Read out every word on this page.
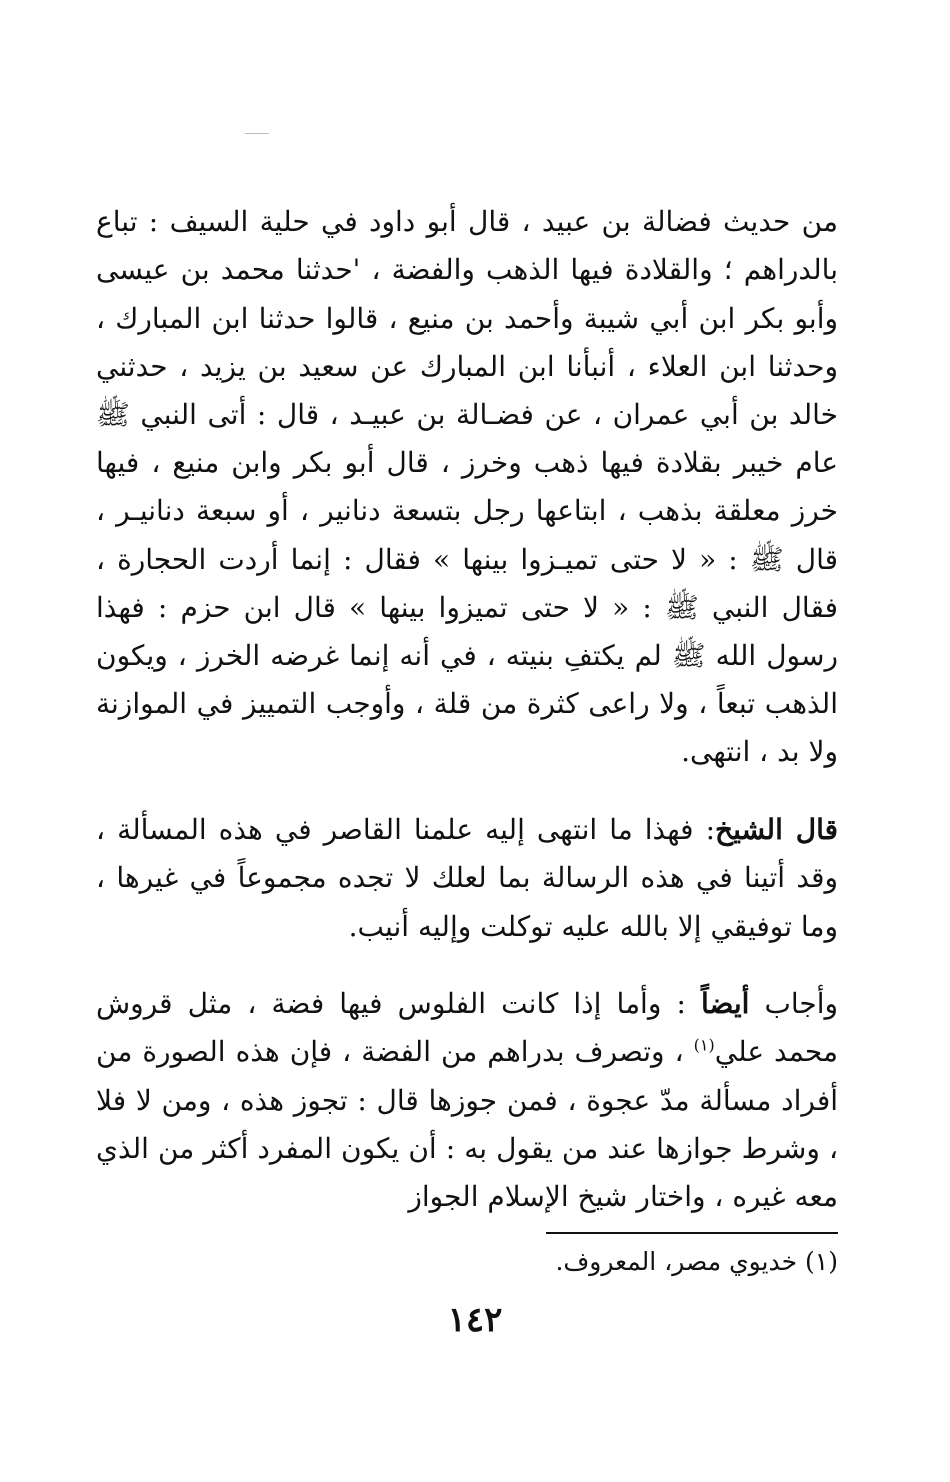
من حديث فضالة بن عبيد ، قال أبو داود في حلية السيف : تباع بالدراهم ؛ والقلادة فيها الذهب والفضة ، 'حدثنا محمد بن عيسى وأبو بكر ابن أبي شيبة وأحمد بن منيع ، قالوا حدثنا ابن المبارك ، وحدثنا ابن العلاء ، أنبأنا ابن المبارك عن سعيد بن يزيد ، حدثني خالد بن أبي عمران ، عن فضـالة بن عبيـد ، قال : أتى النبي ﷺ عام خيبر بقلادة فيها ذهب وخرز ، قال أبو بكر وابن منيع ، فيها خرز معلقة بذهب ، ابتاعها رجل بتسعة دنانير ، أو سبعة دنانيـر ، قال ﷺ : « لا حتى تميـزوا بينها » فقال : إنما أردت الحجارة ، فقال النبي ﷺ : « لا حتى تميزوا بينها » قال ابن حزم : فهذا رسول الله ﷺ لم يكتفِ بنيته ، في أنه إنما غرضه الخرز ، ويكون الذهب تبعاً ، ولا راعى كثرة من قلة ، وأوجب التمييز في الموازنة ولا بد ، انتهى.

قال الشيخ: فهذا ما انتهى إليه علمنا القاصر في هذه المسألة ، وقد أتينا في هذه الرسالة بما لعلك لا تجده مجموعاً في غيرها ، وما توفيقي إلا بالله عليه توكلت وإليه أنيب.

وأجاب أيضاً : وأما إذا كانت الفلوس فيها فضة ، مثل قروش محمد علي$^{(١)}$ ، وتصرف بدراهم من الفضة ، فإن هذه الصورة من أفراد مسألة مدّ عجوة ، فمن جوزها قال : تجوز هذه ، ومن لا فلا ، وشرط جوازها عند من يقول به : أن يكون المفرد أكثر من الذي معه غيره ، واختار شيخ الإسلام الجواز

(١) خديوي مصر، المعروف.
١٤٢
